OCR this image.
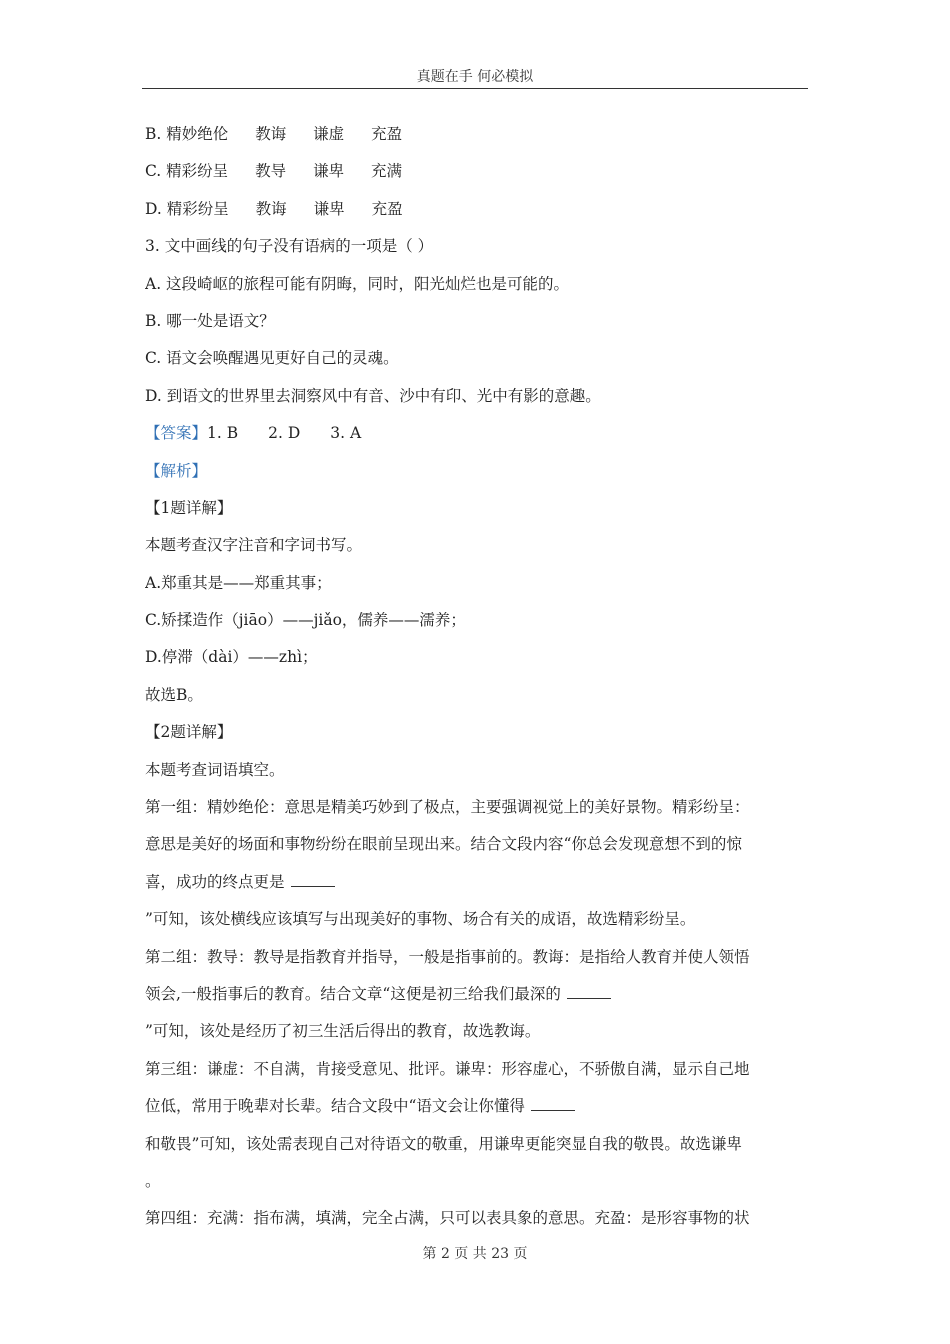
真题在手 何必模拟
B. 精妙绝伦 教诲 谦虚 充盈
C. 精彩纷呈 教导 谦卑 充满
D. 精彩纷呈 教诲 谦卑 充盈
3. 文中画线的句子没有语病的一项是（ ）
A. 这段崎岖的旅程可能有阴晦，同时，阳光灿烂也是可能的。
B. 哪一处是语文？
C. 语文会唤醒遇见更好自己的灵魂。
D. 到语文的世界里去洞察风中有音、沙中有印、光中有影的意趣。
【答案】1. B 2. D 3. A
【解析】
【1题详解】
本题考查汉字注音和字词书写。
A.郑重其是——郑重其事；
C.矫揉造作（jiāo）——jiǎo，儒养——濡养；
D.停滞（dài）——zhì；
故选B。
【2题详解】
本题考查词语填空。
第一组：精妙绝伦：意思是精美巧妙到了极点，主要强调视觉上的美好景物。精彩纷呈：
意思是美好的场面和事物纷纷在眼前呈现出来。结合文段内容“你总会发现意想不到的惊
喜，成功的终点更是
”可知，该处横线应该填写与出现美好的事物、场合有关的成语，故选精彩纷呈。
第二组：教导：教导是指教育并指导，一般是指事前的。教诲：是指给人教育并使人领悟
领会,一般指事后的教育。结合文章“这便是初三给我们最深的
”可知，该处是经历了初三生活后得出的教育，故选教诲。
第三组：谦虚：不自满，肯接受意见、批评。谦卑：形容虚心，不骄傲自满，显示自己地
位低，常用于晚辈对长辈。结合文段中“语文会让你懂得
和敬畏”可知，该处需表现自己对待语文的敬重，用谦卑更能突显自我的敬畏。故选谦卑
。
第四组：充满：指布满，填满，完全占满，只可以表具象的意思。充盈：是形容事物的状
第 2 页 共 23 页
